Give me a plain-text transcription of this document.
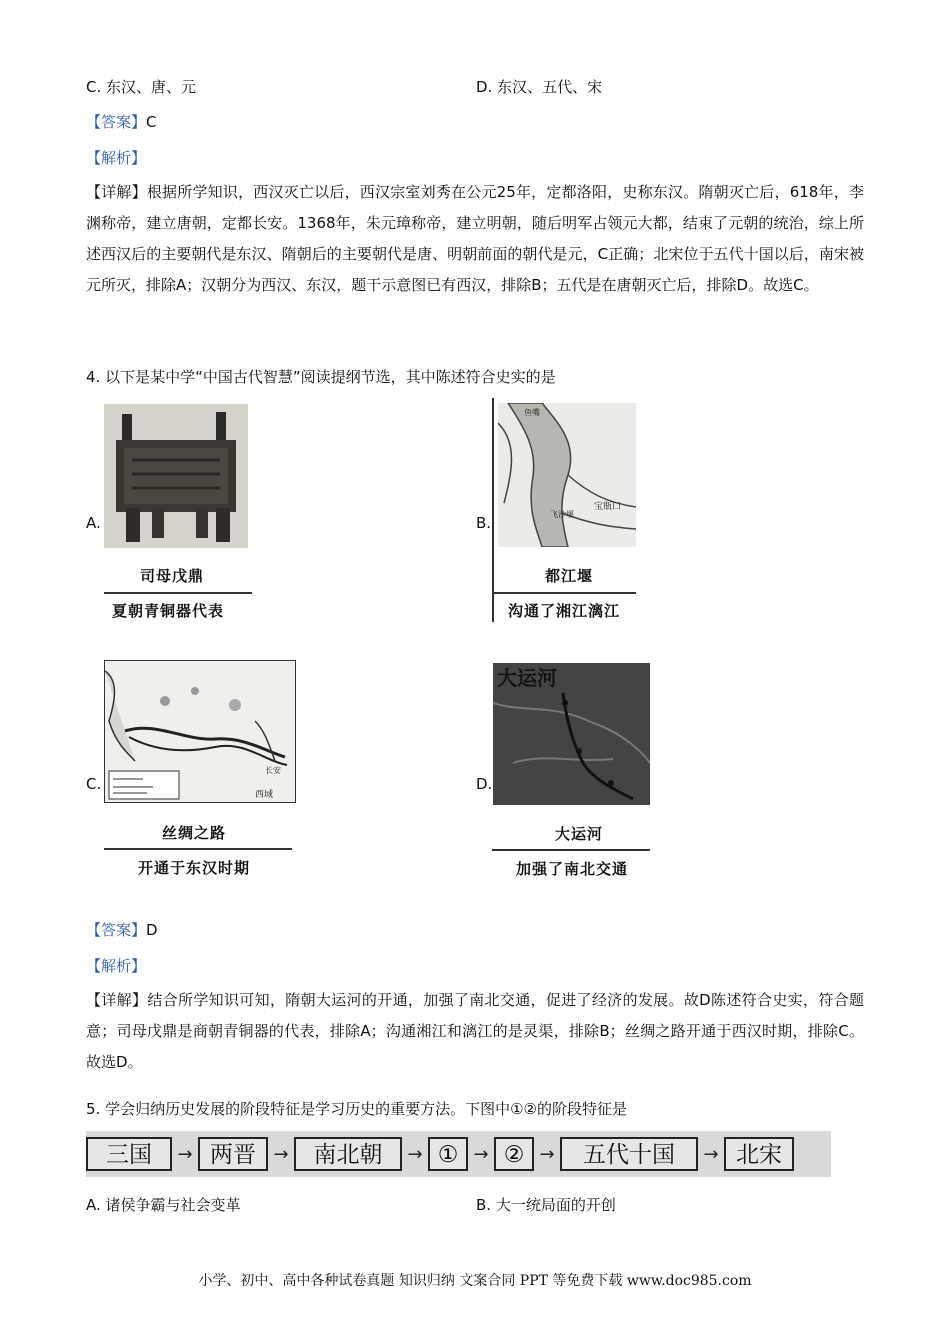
C. 东汉、唐、元	D. 东汉、五代、宋
【答案】C
【解析】
【详解】根据所学知识，西汉灭亡以后，西汉宗室刘秀在公元25年，定都洛阳，史称东汉。隋朝灭亡后，618年，李渊称帝，建立唐朝，定都长安。1368年，朱元璋称帝，建立明朝，随后明军占领元大都，结束了元朝的统治，综上所述西汉后的主要朝代是东汉、隋朝后的主要朝代是唐、明朝前面的朝代是元，C正确；北宋位于五代十国以后，南宋被元所灭，排除A；汉朝分为西汉、东汉，题干示意图已有西汉，排除B；五代是在唐朝灭亡后，排除D。故选C。
4. 以下是某中学“中国古代智慧”阅读提纲节选，其中陈述符合史实的是
A.
司母戊鼎
夏朝青铜器代表
B.
宝瓶口
飞沙堰
鱼嘴
都江堰
沟通了湘江漓江
C.
西域
长安
丝绸之路
开通于东汉时期
D.
大运河
大运河
加强了南北交通
【答案】D
【解析】
【详解】结合所学知识可知，隋朝大运河的开通，加强了南北交通，促进了经济的发展。故D陈述符合史实，符合题意；司母戊鼎是商朝青铜器的代表，排除A；沟通湘江和漓江的是灵渠，排除B；丝绸之路开通于西汉时期，排除C。故选D。
5. 学会归纳历史发展的阶段特征是学习历史的重要方法。下图中①②的阶段特征是
三国	→ 两晋 →	南北朝	→ ① → ② →	五代十国	→ 北宋
A. 诸侯争霸与社会变革	B. 大一统局面的开创
小学、初中、高中各种试卷真题 知识归纳 文案合同 PPT 等免费下载 www.doc985.com
